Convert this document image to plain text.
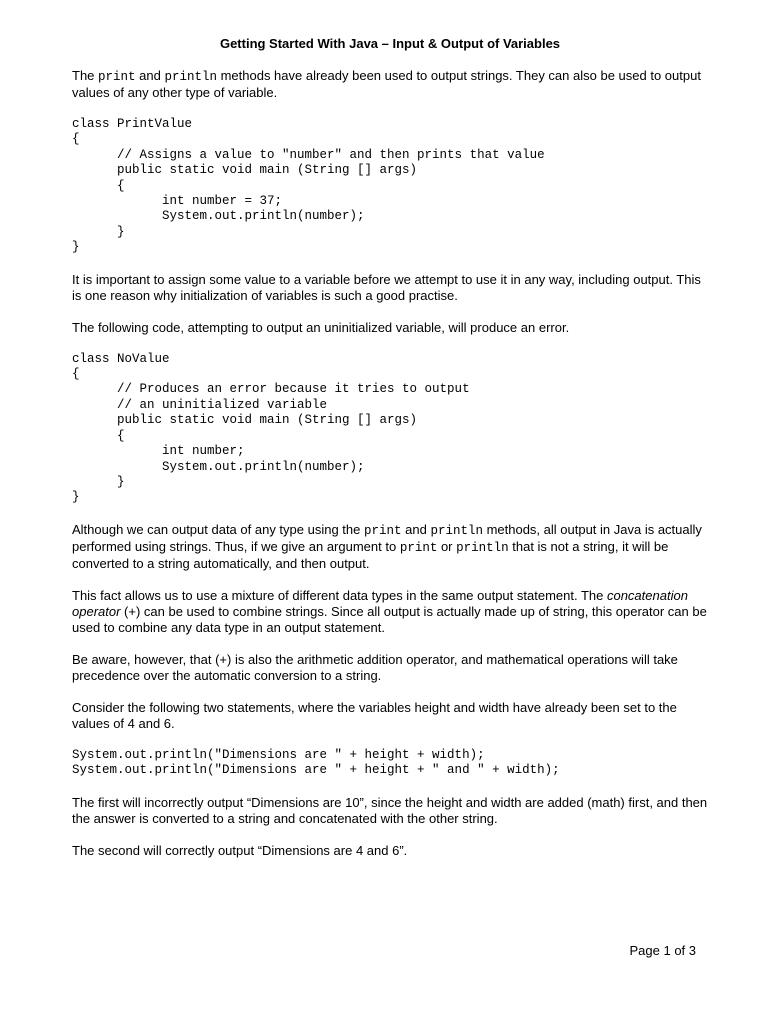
Getting Started With Java – Input & Output of Variables

The print and println methods have already been used to output strings. They can also be used to output values of any other type of variable.

class PrintValue
{
// Assigns a value to "number" and then prints that value
public static void main (String [] args)
{
int number = 37;
System.out.println(number);
}
}

It is important to assign some value to a variable before we attempt to use it in any way, including output. This is one reason why initialization of variables is such a good practise.

The following code, attempting to output an uninitialized variable, will produce an error.

class NoValue
{
// Produces an error because it tries to output
// an uninitialized variable
public static void main (String [] args)
{
int number;
System.out.println(number);
}
}

Although we can output data of any type using the print and println methods, all output in Java is actually performed using strings. Thus, if we give an argument to print or println that is not a string, it will be converted to a string automatically, and then output.

This fact allows us to use a mixture of different data types in the same output statement. The concatenation operator (+) can be used to combine strings. Since all output is actually made up of string, this operator can be used to combine any data type in an output statement.

Be aware, however, that (+) is also the arithmetic addition operator, and mathematical operations will take precedence over the automatic conversion to a string.

Consider the following two statements, where the variables height and width have already been set to the values of 4 and 6.

System.out.println("Dimensions are " + height + width);
System.out.println("Dimensions are " + height + " and " + width);

The first will incorrectly output “Dimensions are 10”, since the height and width are added (math) first, and then the answer is converted to a string and concatenated with the other string.

The second will correctly output “Dimensions are 4 and 6”.

Page 1 of 3
